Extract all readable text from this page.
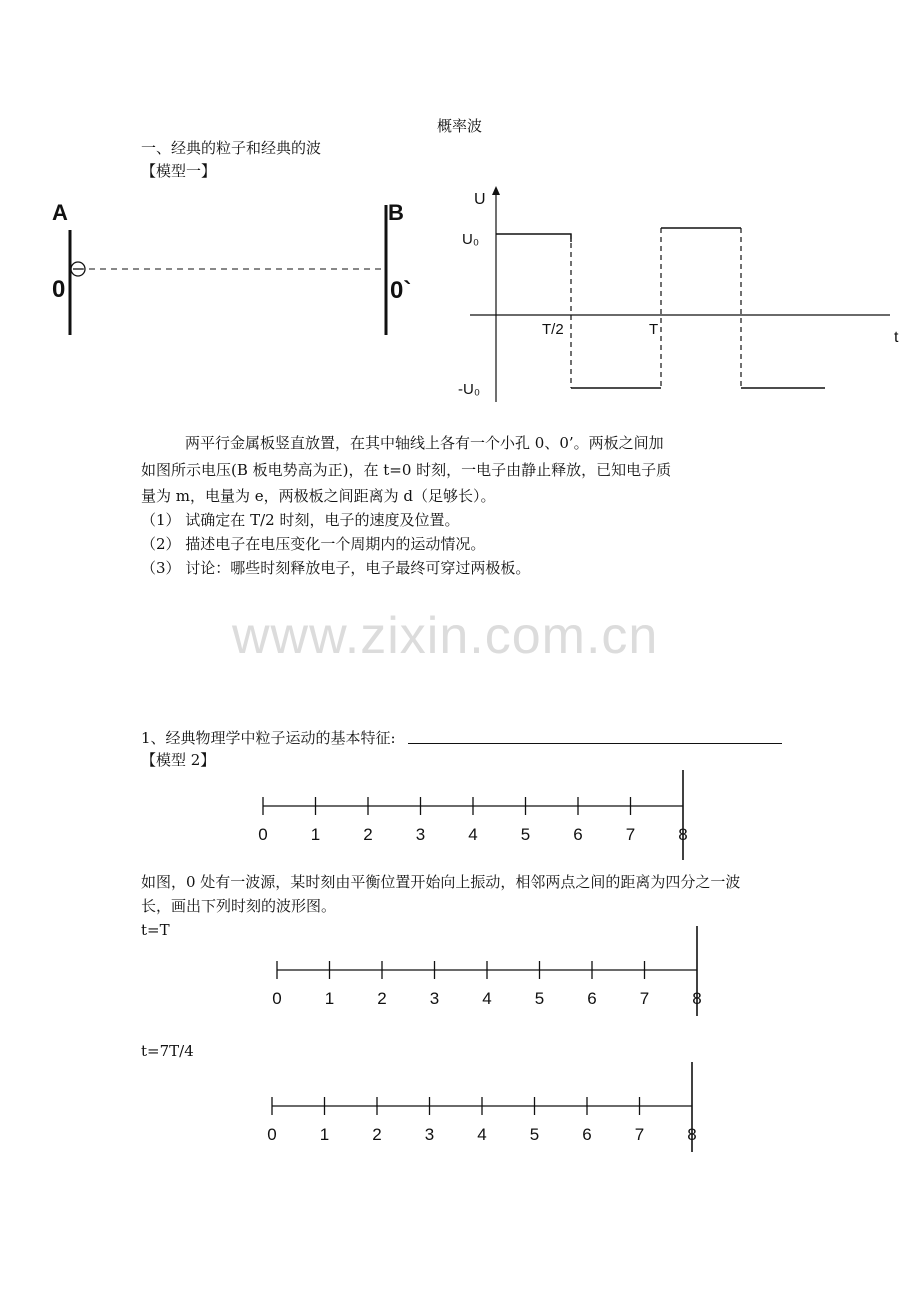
概率波
一、经典的粒子和经典的波
【模型一】
A	B
0	0`
U
t
U₀
-U₀
T/2	T
两平行金属板竖直放置，在其中轴线上各有一个小孔 0、0’。两板之间加
如图所示电压(B 板电势高为正)，在 t=0 时刻，一电子由静止释放，已知电子质
量为 m，电量为 e，两极板之间距离为 d（足够长）。
（1） 试确定在 T/2 时刻，电子的速度及位置。
（2） 描述电子在电压变化一个周期内的运动情况。
（3） 讨论：哪些时刻释放电子，电子最终可穿过两极板。
www.zixin.com.cn
1、经典物理学中粒子运动的基本特征:
【模型 2】
0	1	2	3	4	5	6	7	8
如图，0 处有一波源，某时刻由平衡位置开始向上振动，相邻两点之间的距离为四分之一波
长，画出下列时刻的波形图。
t=T
0	1	2	3	4	5	6	7	8
t=7T/4
0	1	2	3	4	5	6	7	8
